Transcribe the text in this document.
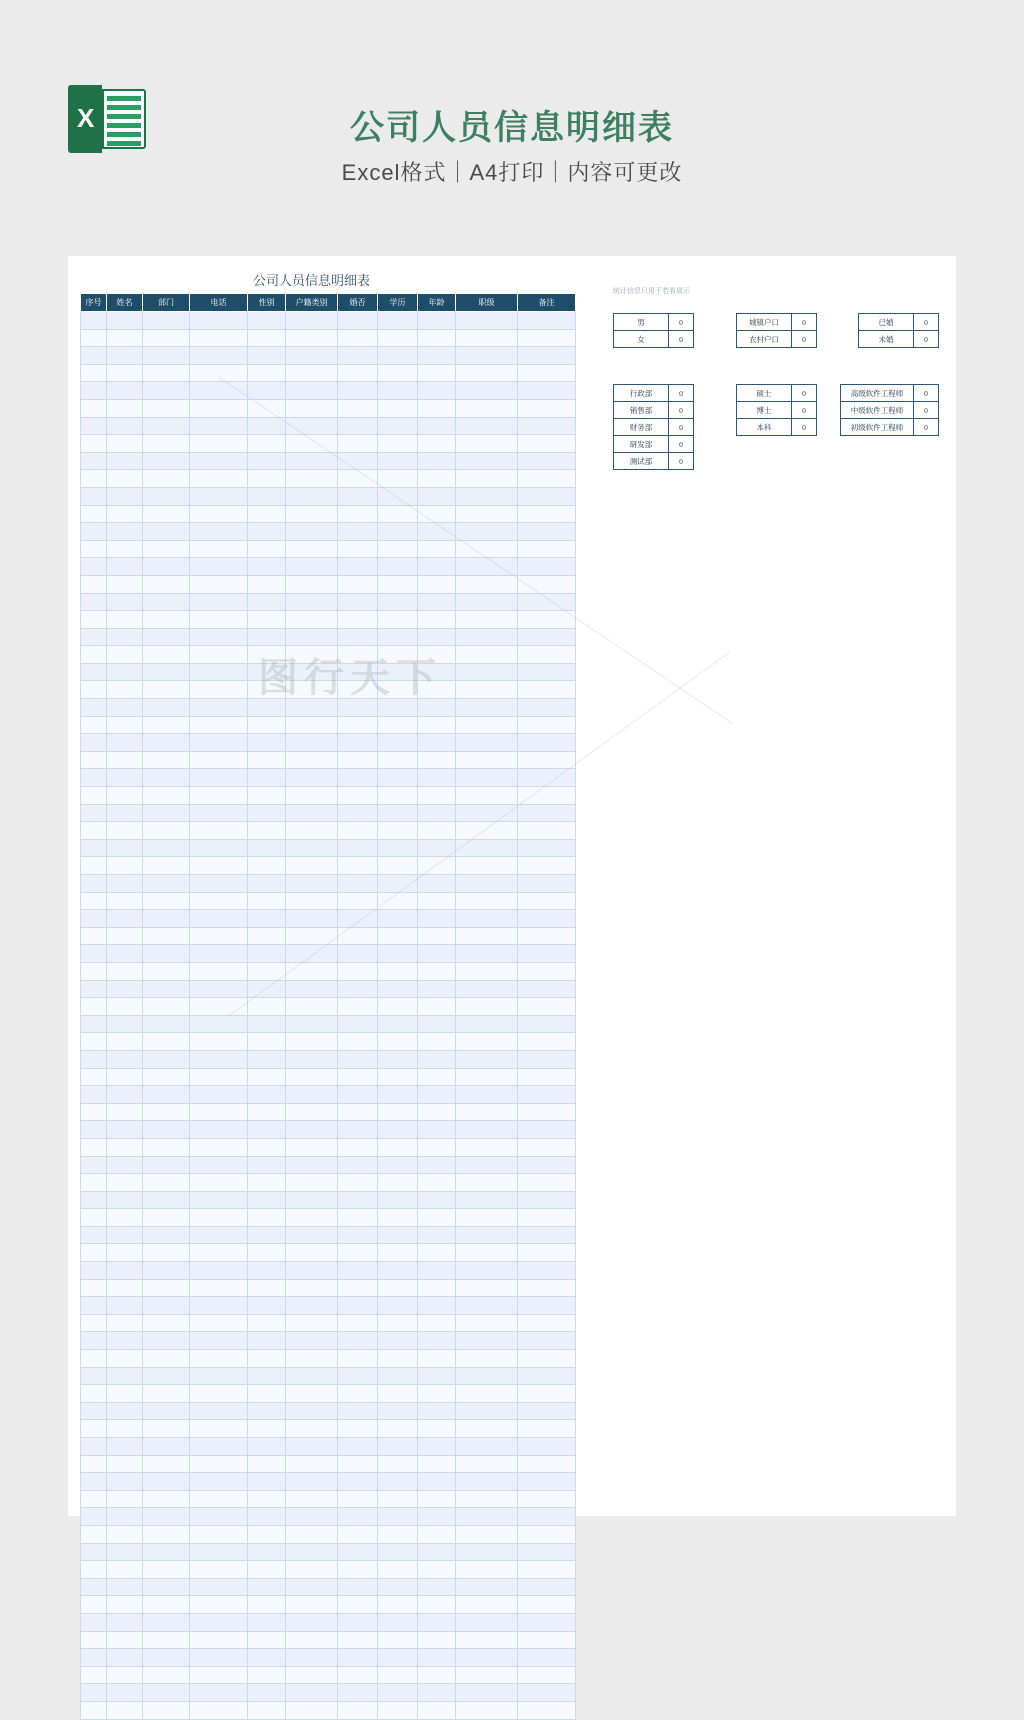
X	公司人员信息明细表
Excel格式｜A4打印｜内容可更改
公司人员信息明细表
序号	姓名	部门	电话	性别	户籍类别	婚否	学历	年龄	职级	备注

统计信息只用于若看展示
男	0
女	0
城镇户口	0
农村户口	0
已婚	0
未婚	0
行政部	0
销售部	0
财务部	0
研发部	0
测试部	0
硕士	0
博士	0
本科	0
高级软件工程师	0
中级软件工程师	0
初级软件工程师	0
图行天下
